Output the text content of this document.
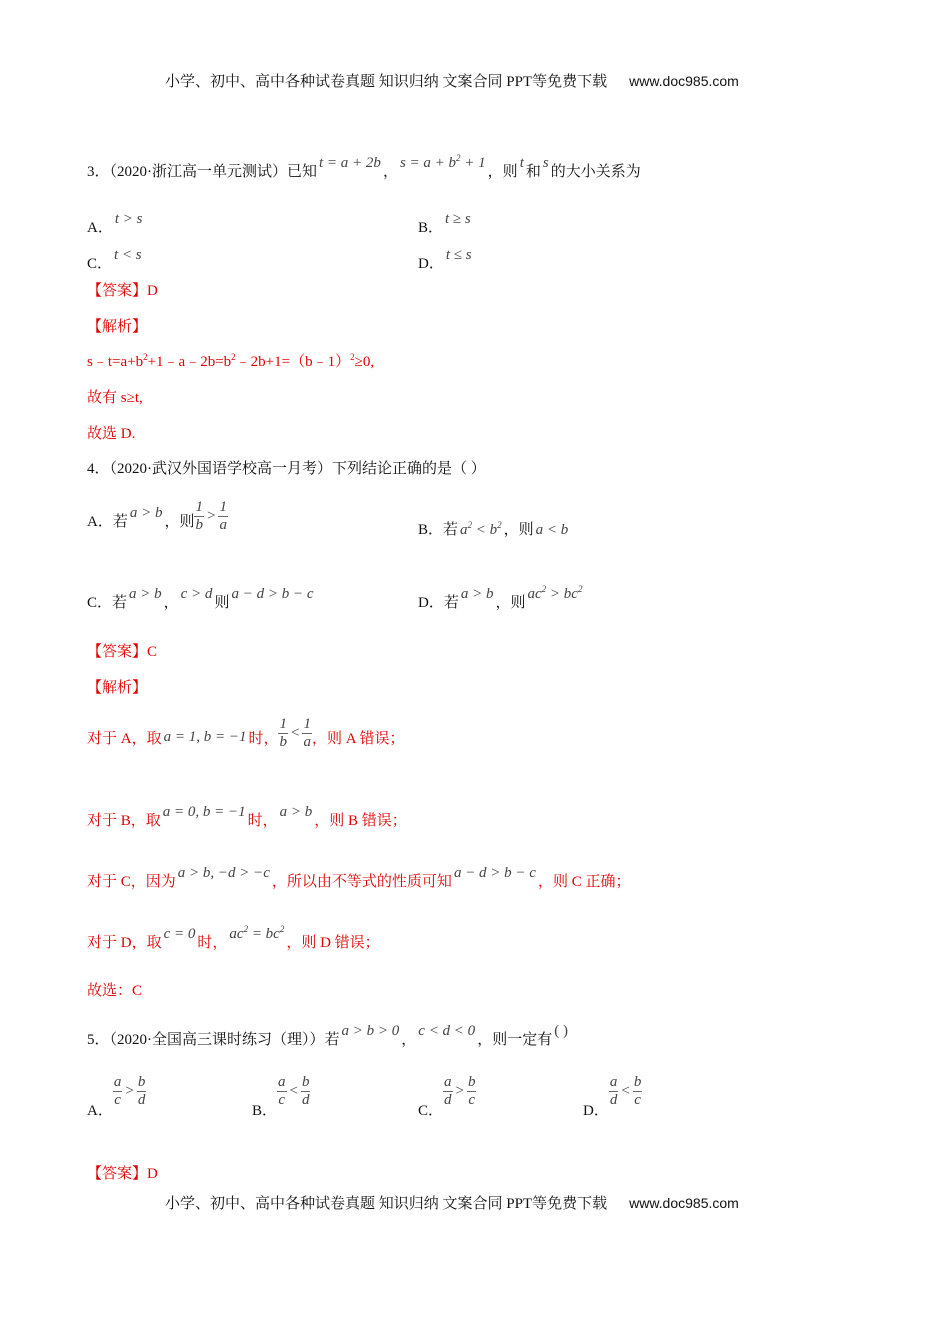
小学、初中、高中各种试卷真题 知识归纳 文案合同 PPT等免费下载 www.doc985.com
3．（2020·浙江高一单元测试）已知t = a + 2b，$s = a + b^2 + 1$，则t和s的大小关系为
A．t > s
B．t ≥ s
C．t < s
D．t ≤ s
【答案】D
【解析】
$s﹣t=a+b^2+1﹣a﹣2b=b^2﹣2b+1=(b﹣1)^2\ge 0$,
故有 s≥t,
故选 D.
4．（2020·武汉外国语学校高一月考）下列结论正确的是（ ）
A．若a > b，则 $\frac{1}{b} > \frac{1}{a}$	B．若 $a^2 < b^2$ ，则 a < b
C．若a > b，c > d则a − d > b − c
D．若a > b，则$ac^2 > bc^2$
【答案】C
【解析】
对于 A，取 a = 1, b = −1 时， $\frac{1}{b} < \frac{1}{a}$ ，则 A 错误；
对于 B，取a = 0, b = −1时，a > b，则 B 错误；
对于 C，因为a > b, −d > −c，所以由不等式的性质可知a − d > b − c，则 C 正确；
对于 D，取c = 0时，$ac^2 = bc^2$，则 D 错误；
故选：C
5．（2020·全国高三课时练习（理））若a > b > 0，c < d < 0，则一定有( )
A．
$\frac{a}{c} > \frac{b}{d}$
B．
$\frac{a}{c} < \frac{b}{d}$
C．
$\frac{a}{d} > \frac{b}{c}$
D．
$\frac{a}{d} < \frac{b}{c}$
【答案】D
小学、初中、高中各种试卷真题 知识归纳 文案合同 PPT等免费下载 www.doc985.com
